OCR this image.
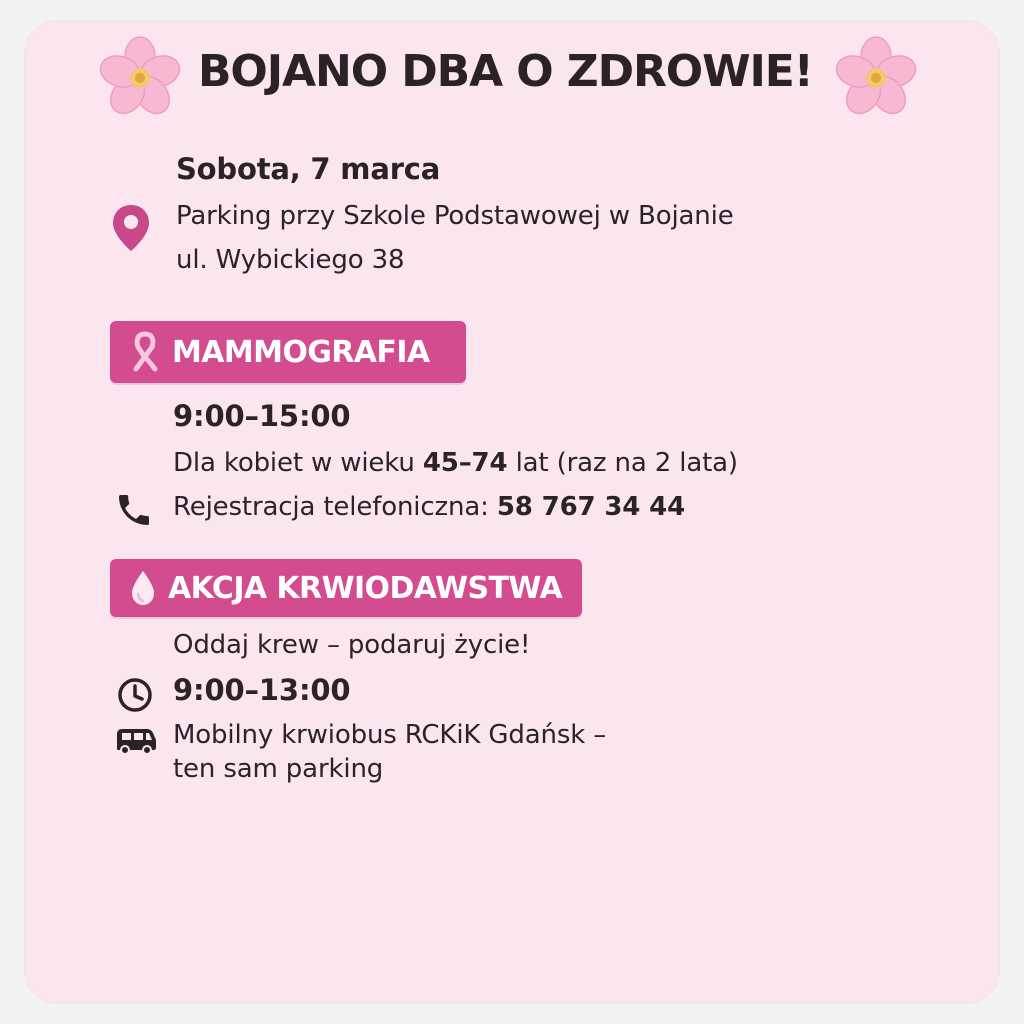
BOJANO DBA O ZDROWIE!
Sobota, 7 marca
Parking przy Szkole Podstawowej w Bojanie
ul. Wybickiego 38
MAMMOGRAFIA
9:00–15:00
Dla kobiet w wieku 45–74 lat (raz na 2 lata)
Rejestracja telefoniczna: 58 767 34 44
AKCJA KRWIODAWSTWA
Oddaj krew – podaruj życie!
9:00–13:00
Mobilny krwiobus RCKiK Gdańsk –
ten sam parking
